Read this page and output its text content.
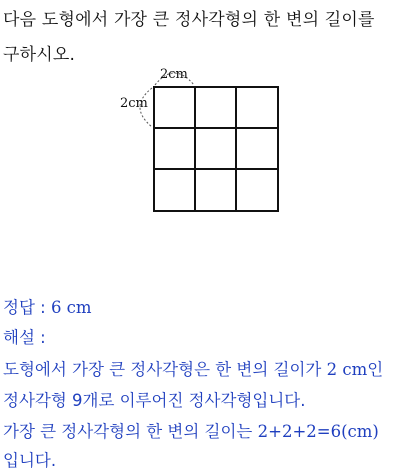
다음 도형에서 가장 큰 정사각형의 한 변의 길이를
구하시오.
2cm
2cm
정답 : 6 cm
해설 :
도형에서 가장 큰 정사각형은 한 변의 길이가 2 cm인
정사각형 9개로 이루어진 정사각형입니다.
가장 큰 정사각형의 한 변의 길이는 2+2+2=6(cm)
입니다.
